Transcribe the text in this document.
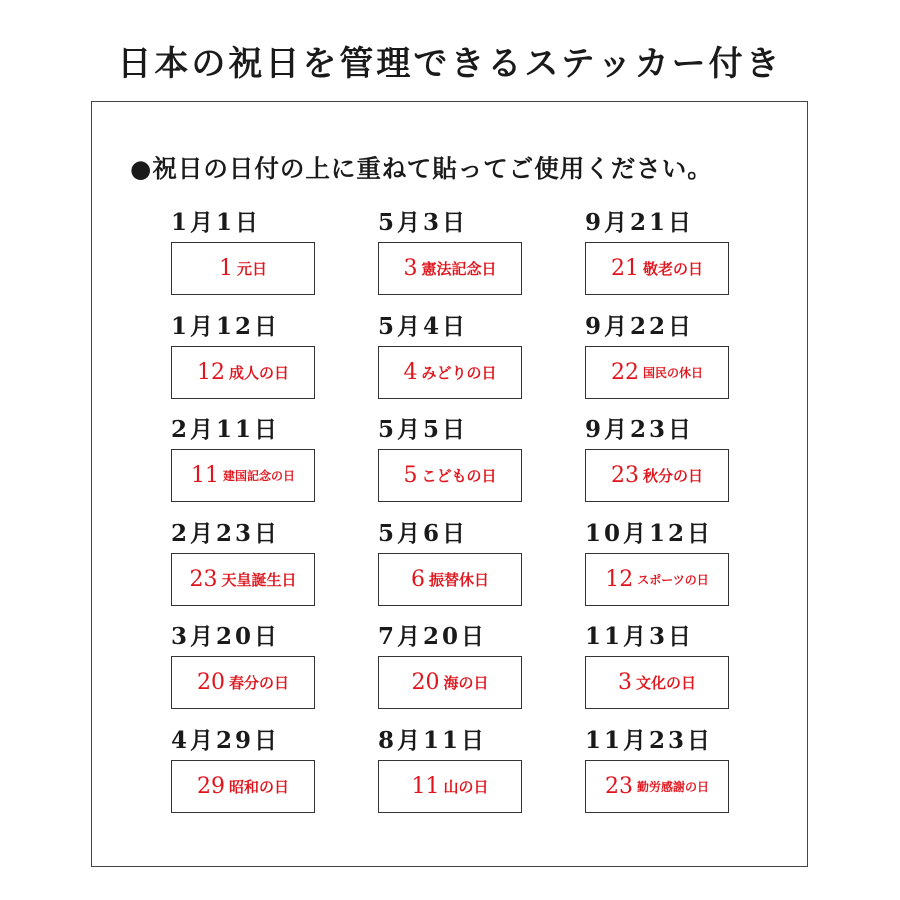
日本の祝日を管理できるステッカー付き
●祝日の日付の上に重ねて貼ってご使用ください。
1月1日
1 元日
5月3日
3 憲法記念日
9月21日
21 敬老の日
1月12日
12 成人の日
5月4日
4 みどりの日
9月22日
22 国民の休日
2月11日
11 建国記念の日
5月5日
5 こどもの日
9月23日
23 秋分の日
2月23日
23 天皇誕生日
5月6日
6 振替休日
10月12日
12 スポーツの日
3月20日
20 春分の日
7月20日
20 海の日
11月3日
3 文化の日
4月29日
29 昭和の日
8月11日
11 山の日
11月23日
23 勤労感謝の日
